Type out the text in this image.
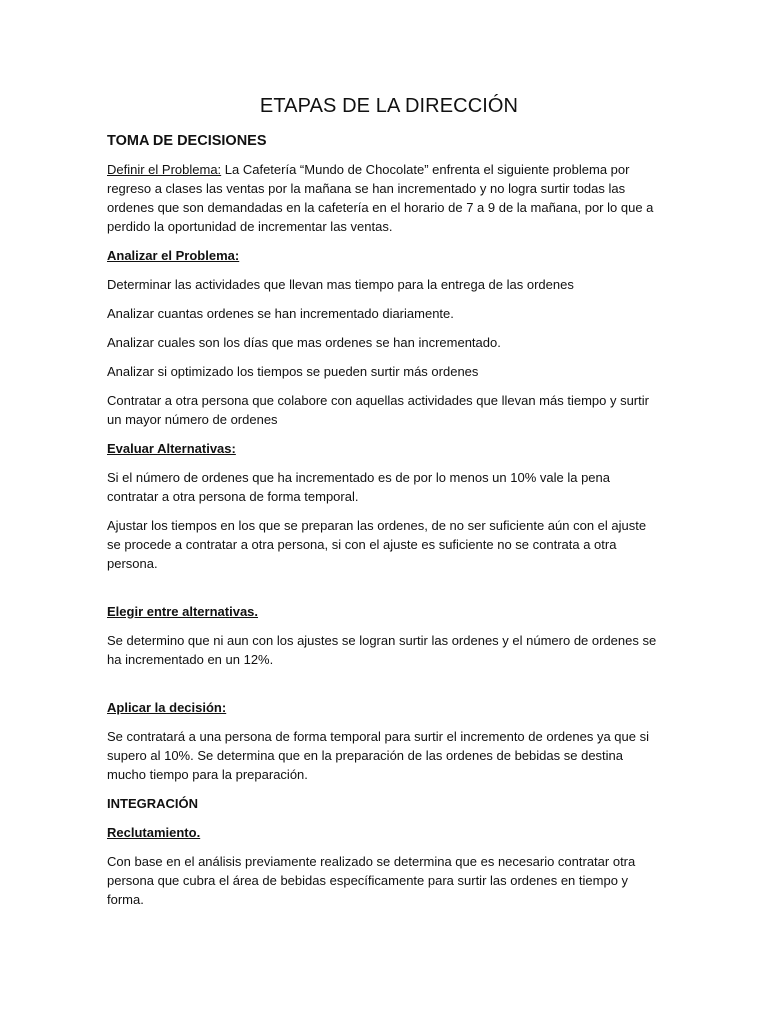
ETAPAS DE LA DIRECCIÓN
TOMA DE DECISIONES

Definir el Problema: La Cafetería “Mundo de Chocolate” enfrenta el siguiente problema por regreso a clases las ventas por la mañana se han incrementado y no logra surtir todas las ordenes que son demandadas en la cafetería en el horario de 7 a 9 de la mañana, por lo que a perdido la oportunidad de incrementar las ventas.

Analizar el Problema:

Determinar las actividades que llevan mas tiempo para la entrega de las ordenes

Analizar cuantas ordenes se han incrementado diariamente.

Analizar cuales son los días que mas ordenes se han incrementado.

Analizar si optimizado los tiempos se pueden surtir más ordenes

Contratar a otra persona que colabore con aquellas actividades que llevan más tiempo y surtir un mayor número de ordenes

Evaluar Alternativas:

Si el número de ordenes que ha incrementado es de por lo menos un 10% vale la pena contratar a otra persona de forma temporal.

Ajustar los tiempos en los que se preparan las ordenes, de no ser suficiente aún con el ajuste se procede a contratar a otra persona, si con el ajuste es suficiente no se contrata a otra persona.

Elegir entre alternativas.

Se determino que ni aun con los ajustes se logran surtir las ordenes y el número de ordenes se ha incrementado en un 12%.

Aplicar la decisión:

Se contratará a una persona de forma temporal para surtir el incremento de ordenes ya que si supero al 10%. Se determina que en la preparación de las ordenes de bebidas se destina mucho tiempo para la preparación.

INTEGRACIÓN
Reclutamiento.

Con base en el análisis previamente realizado se determina que es necesario contratar otra persona que cubra el área de bebidas específicamente para surtir las ordenes en tiempo y forma.
